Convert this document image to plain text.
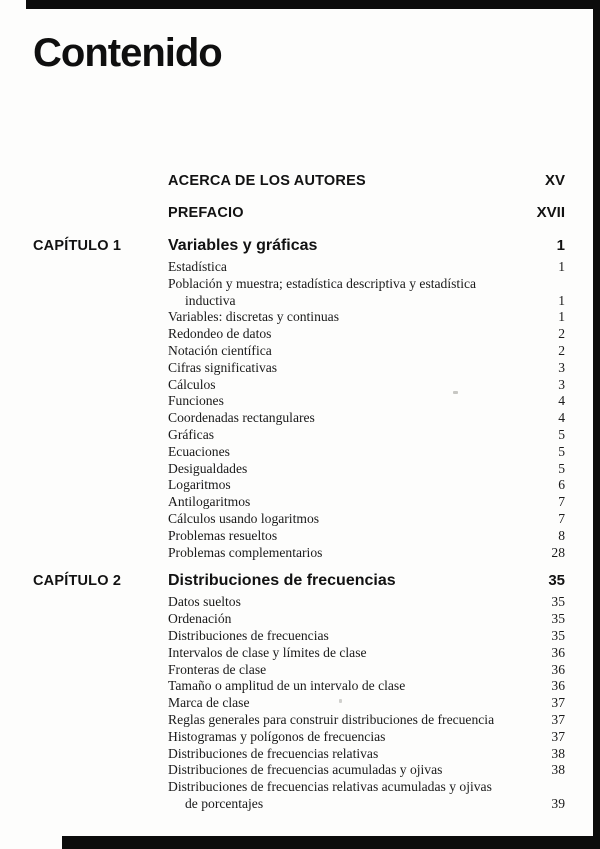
Contenido
ACERCA DE LOS AUTORES	XV
PREFACIO	XVII
CAPÍTULO 1	Variables y gráficas	1
Estadística	1
Población y muestra; estadística descriptiva y estadística
inductiva	1
Variables: discretas y continuas	1
Redondeo de datos	2
Notación científica	2
Cifras significativas	3
Cálculos	3
Funciones	4
Coordenadas rectangulares	4
Gráficas	5
Ecuaciones	5
Desigualdades	5
Logaritmos	6
Antilogaritmos	7
Cálculos usando logaritmos	7
Problemas resueltos	8
Problemas complementarios	28
CAPÍTULO 2	Distribuciones de frecuencias	35
Datos sueltos	35
Ordenación	35
Distribuciones de frecuencias	35
Intervalos de clase y límites de clase	36
Fronteras de clase	36
Tamaño o amplitud de un intervalo de clase	36
Marca de clase	37
Reglas generales para construir distribuciones de frecuencia	37
Histogramas y polígonos de frecuencias	37
Distribuciones de frecuencias relativas	38
Distribuciones de frecuencias acumuladas y ojivas	38
Distribuciones de frecuencias relativas acumuladas y ojivas
de porcentajes	39
